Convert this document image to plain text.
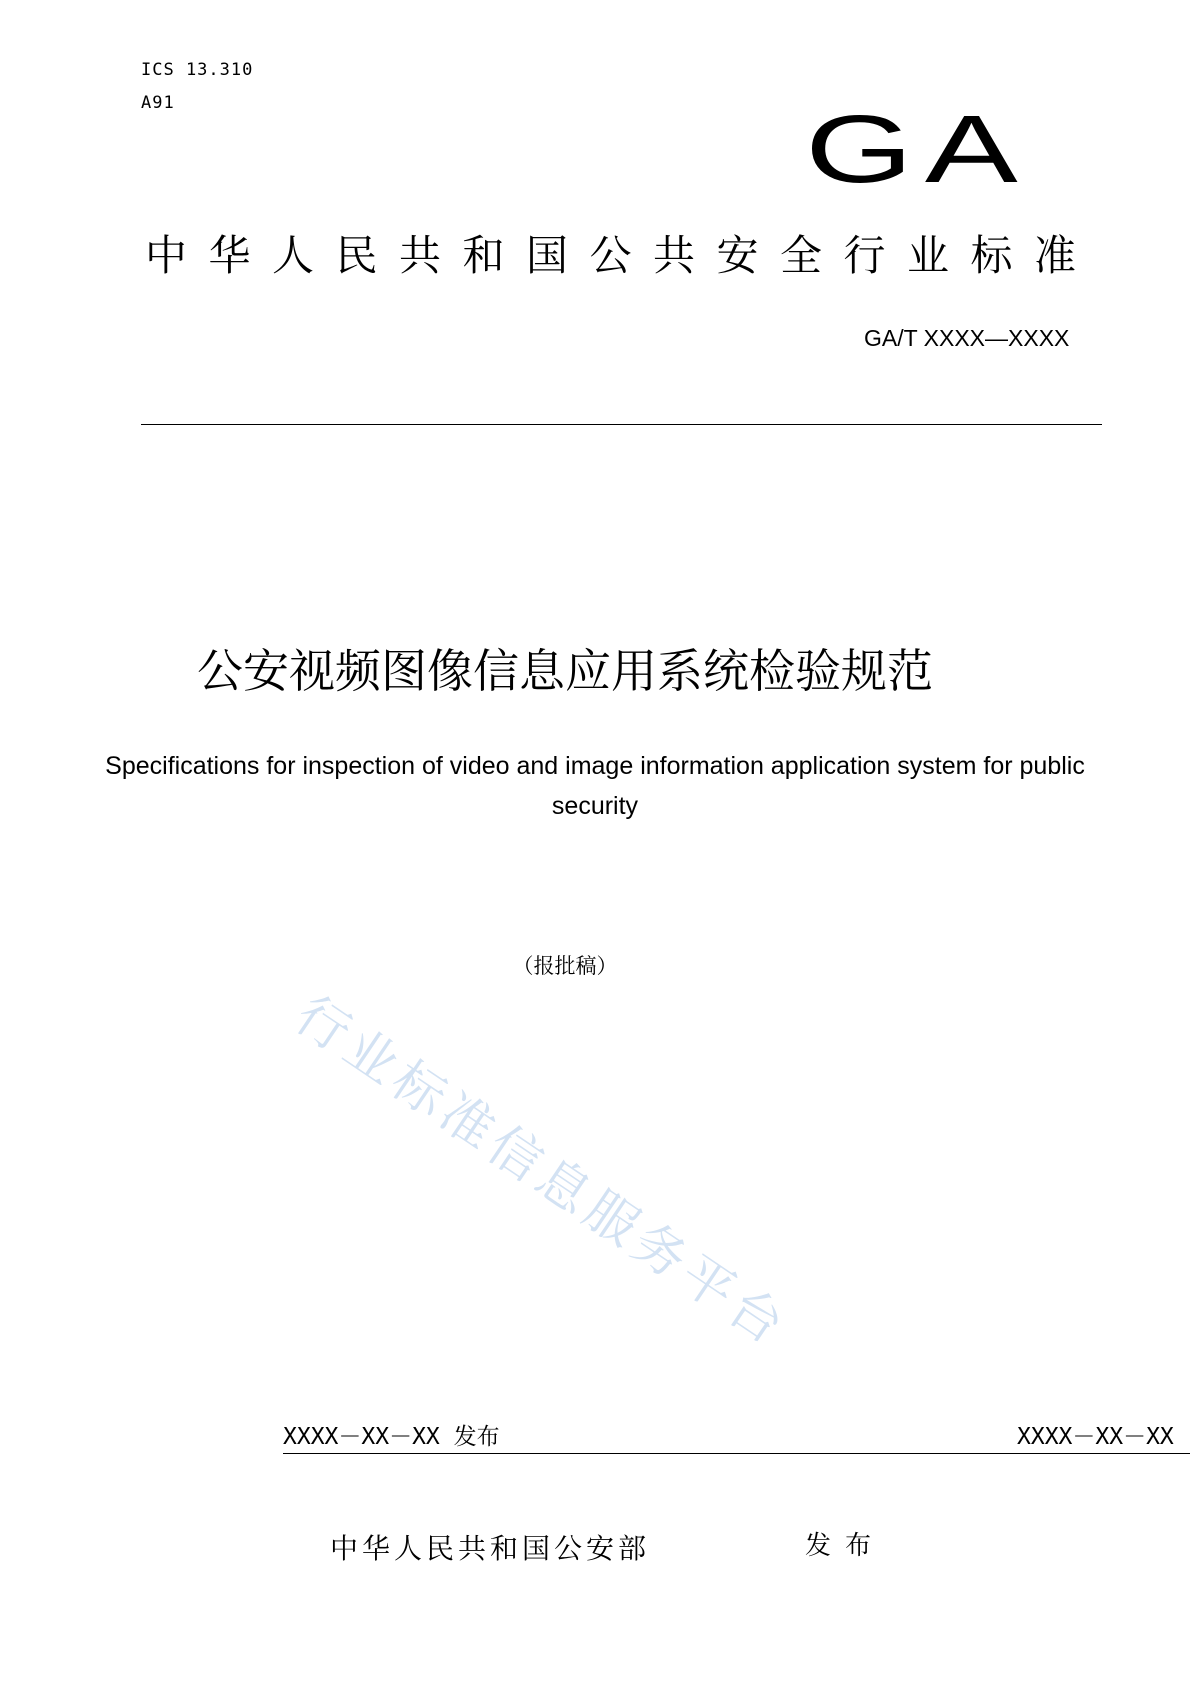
ICS 13.310
A91	GA
中华人民共和国公共安全行业标准
GA/T XXXX—XXXX
公安视频图像信息应用系统检验规范
Specifications for inspection of video and image information application system for public security
（报批稿）
行业标准信息服务平台
XXXX－XX－XX 发布	XXXX－XX－XX
中华人民共和国公安部	发布
